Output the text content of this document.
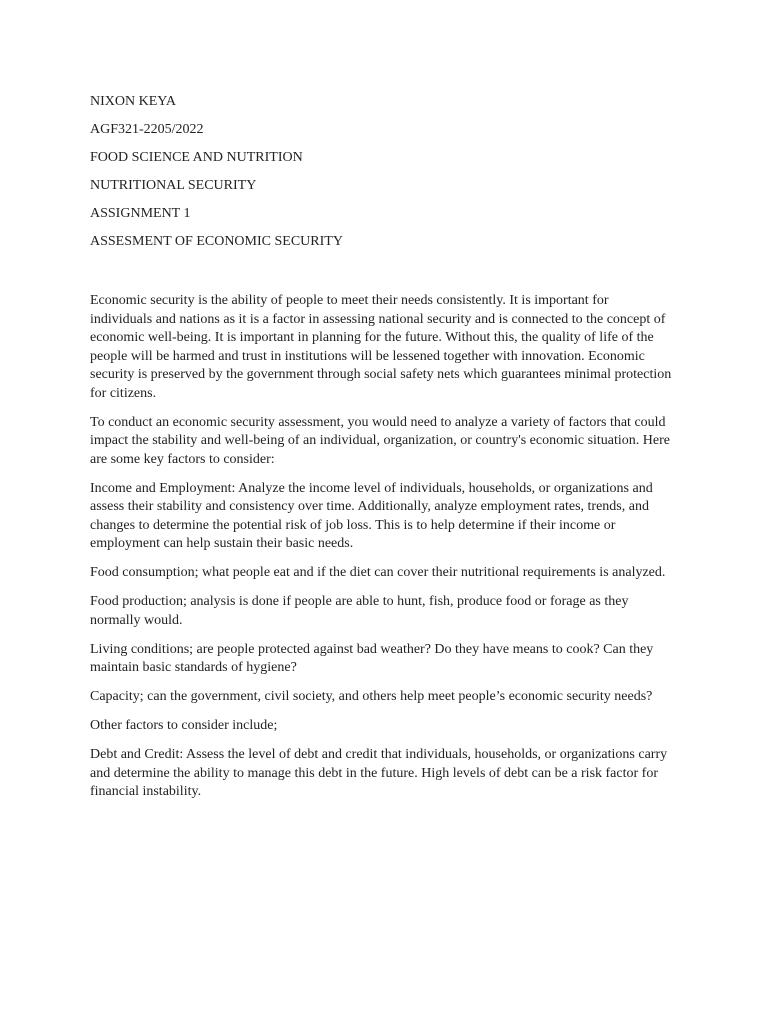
NIXON KEYA
AGF321-2205/2022
FOOD SCIENCE AND NUTRITION
NUTRITIONAL SECURITY
ASSIGNMENT 1
ASSESMENT OF ECONOMIC SECURITY

Economic security is the ability of people to meet their needs consistently. It is important for individuals and nations as it is a factor in assessing national security and is connected to the concept of economic well-being. It is important in planning for the future. Without this, the quality of life of the people will be harmed and trust in institutions will be lessened together with innovation. Economic security is preserved by the government through social safety nets which guarantees minimal protection for citizens.

To conduct an economic security assessment, you would need to analyze a variety of factors that could impact the stability and well-being of an individual, organization, or country's economic situation. Here are some key factors to consider:

Income and Employment: Analyze the income level of individuals, households, or organizations and assess their stability and consistency over time. Additionally, analyze employment rates, trends, and changes to determine the potential risk of job loss. This is to help determine if their income or employment can help sustain their basic needs.

Food consumption; what people eat and if the diet can cover their nutritional requirements is analyzed.

Food production; analysis is done if people are able to hunt, fish, produce food or forage as they normally would.

Living conditions; are people protected against bad weather? Do they have means to cook? Can they maintain basic standards of hygiene?

Capacity; can the government, civil society, and others help meet people’s economic security needs?

Other factors to consider include;

Debt and Credit: Assess the level of debt and credit that individuals, households, or organizations carry and determine the ability to manage this debt in the future. High levels of debt can be a risk factor for financial instability.
